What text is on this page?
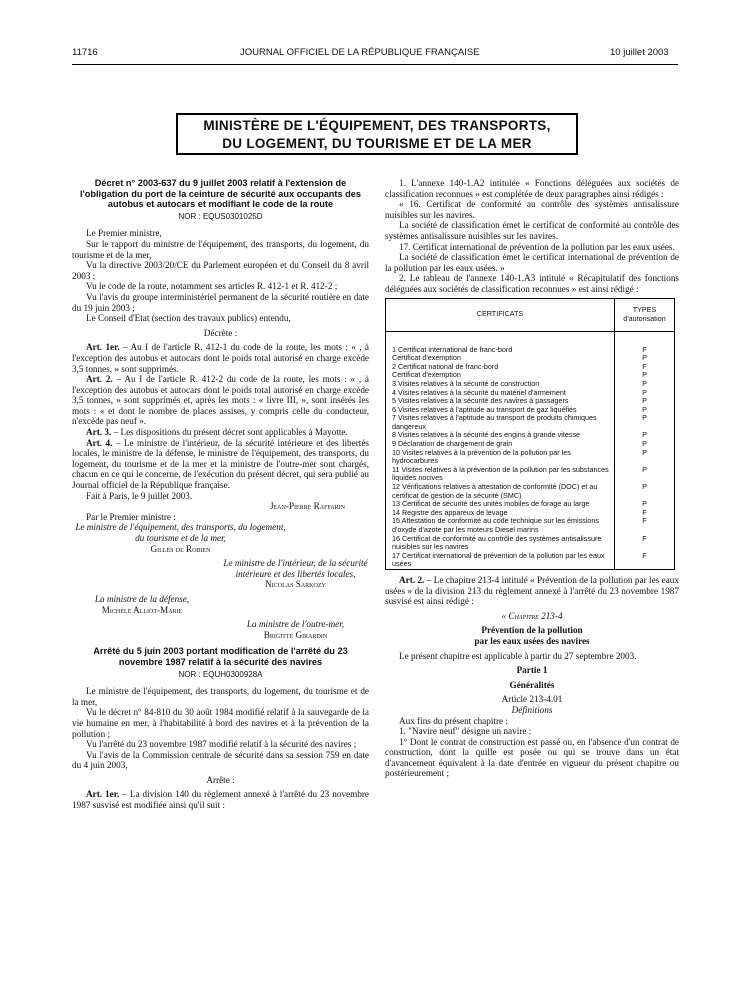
11716	JOURNAL OFFICIEL DE LA RÉPUBLIQUE FRANÇAISE	10 juillet 2003
MINISTÈRE DE L'ÉQUIPEMENT, DES TRANSPORTS,
DU LOGEMENT, DU TOURISME ET DE LA MER

Décret n° 2003-637 du 9 juillet 2003 relatif à l'extension de l'obligation du port de la ceinture de sécurité aux occupants des autobus et autocars et modifiant le code de la route

NOR : EQUS0301025D

Le Premier ministre,

Sur le rapport du ministre de l'équipement, des transports, du logement, du tourisme et de la mer,

Vu la directive 2003/20/CE du Parlement européen et du Conseil du 8 avril 2003 ;

Vu le code de la route, notamment ses articles R. 412-1 et R. 412-2 ;

Vu l'avis du groupe interministériel permanent de la sécurité routière en date du 19 juin 2003 ;

Le Conseil d'Etat (section des travaux publics) entendu,

Décrète :

Art. 1er. – Au I de l'article R. 412-1 du code de la route, les mots : « , à l'exception des autobus et autocars dont le poids total autorisé en charge excède 3,5 tonnes, » sont supprimés.

Art. 2. – Au I de l'article R. 412-2 du code de la route, les mots : « , à l'exception des autobus et autocars dont le poids total autorisé en charge excède 3,5 tonnes, » sont supprimés et, après les mots : « livre III, », sont insérés les mots : « et dont le nombre de places assises, y compris celle du conducteur, n'excède pas neuf ».

Art. 3. – Les dispositions du présent décret sont applicables à Mayotte.

Art. 4. – Le ministre de l'intérieur, de la sécurité intérieure et des libertés locales, le ministre de la défense, le ministre de l'équipement, des transports, du logement, du tourisme et de la mer et la ministre de l'outre-mer sont chargés, chacun en ce qui le concerne, de l'exécution du présent décret, qui sera publié au Journal officiel de la République française.

Fait à Paris, le 9 juillet 2003.

Jean-Pierre Raffarin

Par le Premier ministre :

Le ministre de l'équipement, des transports, du logement, du tourisme et de la mer,

Gilles de Robien

Le ministre de l'intérieur, de la sécurité intérieure et des libertés locales,

Nicolas Sarkozy

La ministre de la défense,

Michèle Alliot-Marie

La ministre de l'outre-mer,

Brigitte Girardin

Arrêté du 5 juin 2003 portant modification de l'arrêté du 23 novembre 1987 relatif à la sécurité des navires

NOR : EQUH0300928A

Le ministre de l'équipement, des transports, du logement, du tourisme et de la mer,

Vu le décret n° 84-810 du 30 août 1984 modifié relatif à la sauvegarde de la vie humaine en mer, à l'habitabilité à bord des navires et à la prévention de la pollution ;

Vu l'arrêté du 23 novembre 1987 modifié relatif à la sécurité des navires ;

Vu l'avis de la Commission centrale de sécurité dans sa session 759 en date du 4 juin 2003,

Arrête :

Art. 1er. – La division 140 du règlement annexé à l'arrêté du 23 novembre 1987 susvisé est modifiée ainsi qu'il suit :

1. L'annexe 140-1.A2 intitulée « Fonctions déléguées aux sociétés de classification reconnues » est complétée de deux paragraphes ainsi rédigés :

« 16. Certificat de conformité au contrôle des systèmes antisalissure nuisibles sur les navires.

La société de classification émet le certificat de conformité au contrôle des systèmes antisalissure nuisibles sur les navires.

17. Certificat international de prévention de la pollution par les eaux usées.

La société de classification émet le certificat international de prévention de la pollution par les eaux usées. »

2. Le tableau de l'annexe 140-1.A3 intitulé « Récapitulatif des fonctions déléguées aux sociétés de classification reconnues » est ainsi rédigé :

CERTIFICATS	TYPES d'autorisation
1 Certificat international de franc-bord	F
Certificat d'exemption	P
2 Certificat national de franc-bord	F
Certificat d'exemption	P
3 Visites relatives à la sécurité de construction	P
4 Visites relatives à la sécurité du matériel d'armement	P
5 Visites relatives à la sécurité des navires à passagers	P
6 Visites relatives à l'aptitude au transport de gaz liquéfiés	P
7 Visites relatives à l'aptitude au transport de produits chimiques dangereux	P
8 Visites relatives à la sécurité des engins à grande vitesse	P
9 Déclaration de chargement de grain	P
10 Visites relatives à la prévention de la pollution par les hydrocarbures	P
11 Visites relatives à la prévention de la pollution par les substances liquides nocives	P
12 Vérifications relatives à attestation de conformité (DOC) et au certificat de gestion de la sécurité (SMC)	P
13 Certificat de sécurité des unités mobiles de forage au large	P
14 Registre des appareux de levage	F
15 Attestation de conformité au code technique sur les émissions d'oxyde d'azote par les moteurs Diesel marins	F
16 Certificat de conformité au contrôle des systèmes antisalissure nuisibles sur les navires	F
17 Certificat international de prévention de la pollution par les eaux usées	F

Art. 2. – Le chapitre 213-4 intitulé « Prévention de la pollution par les eaux usées » de la division 213 du règlement annexé à l'arrêté du 23 novembre 1987 susvisé est ainsi rédigé :

« Chapitre 213-4

Prévention de la pollution

par les eaux usées des navires

Le présent chapitre est applicable à partir du 27 septembre 2003.

Partie 1

Généralités

Article 213-4.01

Définitions

Aux fins du présent chapitre :

1. "Navire neuf" désigne un navire :

1° Dont le contrat de construction est passé ou, en l'absence d'un contrat de construction, dont la quille est posée ou qui se trouve dans un état d'avancement équivalent à la date d'entrée en vigueur du présent chapitre ou postérieurement ;
